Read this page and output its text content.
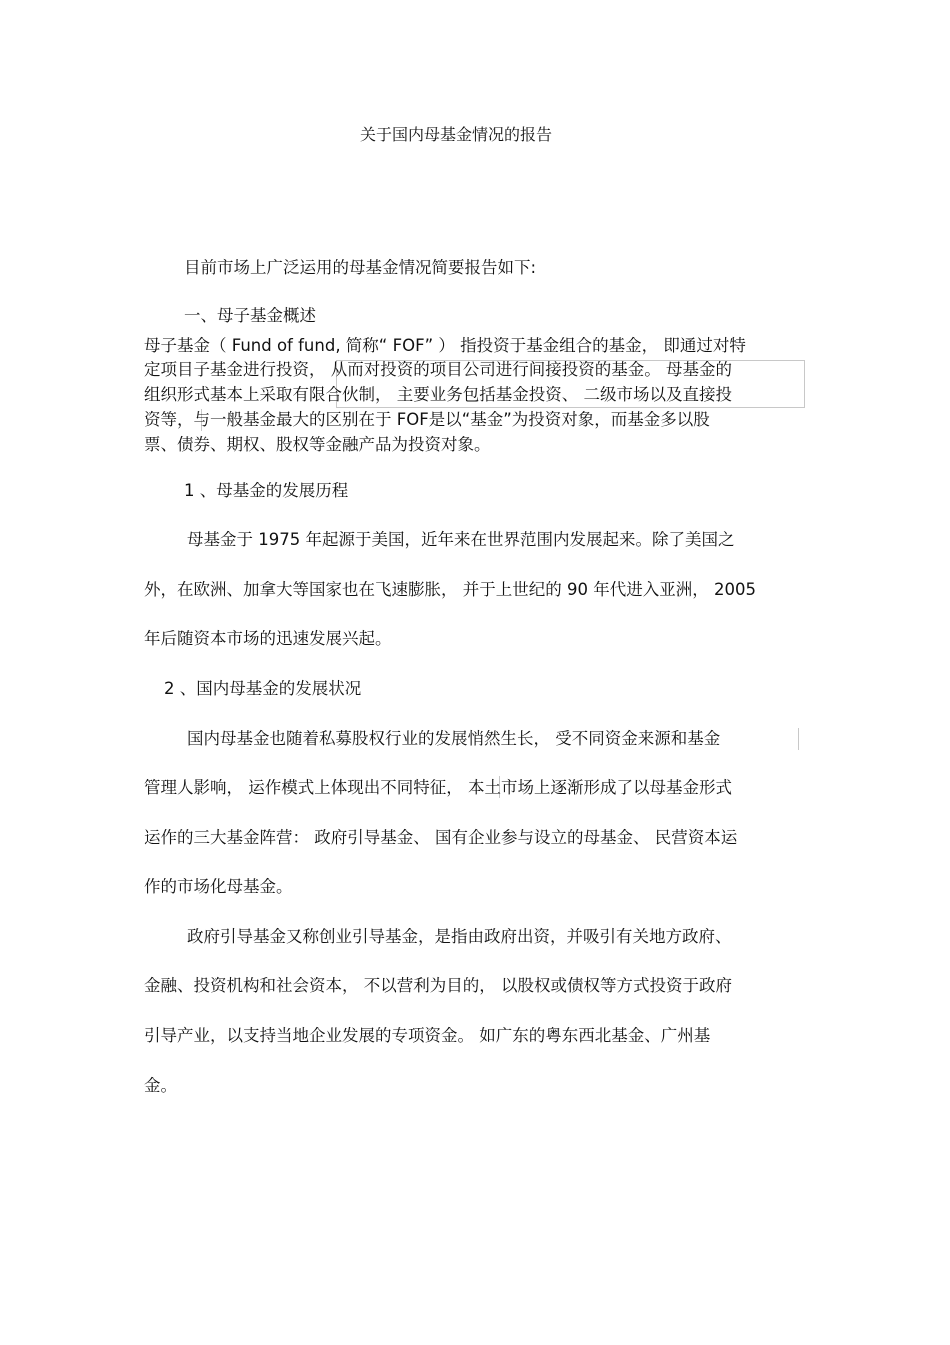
关于国内母基金情况的报告
目前市场上广泛运用的母基金情况简要报告如下:
一、母子基金概述
母子基金（ Fund of fund, 简称“ FOF” ） 指投资于基金组合的基金， 即通过对特
定项目子基金进行投资， 从而对投资的项目公司进行间接投资的基金。 母基金的
组织形式基本上采取有限合伙制， 主要业务包括基金投资、 二级市场以及直接投
资等，与一般基金最大的区别在于 FOF是以“基金”为投资对象，而基金多以股
票、债券、期权、股权等金融产品为投资对象。
1 、母基金的发展历程
母基金于 1975 年起源于美国，近年来在世界范围内发展起来。除了美国之
外，在欧洲、加拿大等国家也在飞速膨胀， 并于上世纪的 90 年代进入亚洲， 2005
年后随资本市场的迅速发展兴起。
2 、国内母基金的发展状况
国内母基金也随着私募股权行业的发展悄然生长， 受不同资金来源和基金
管理人影响， 运作模式上体现出不同特征， 本土市场上逐渐形成了以母基金形式
运作的三大基金阵营： 政府引导基金、 国有企业参与设立的母基金、 民营资本运
作的市场化母基金。
政府引导基金又称创业引导基金，是指由政府出资，并吸引有关地方政府、
金融、投资机构和社会资本， 不以营利为目的， 以股权或债权等方式投资于政府
引导产业，以支持当地企业发展的专项资金。 如广东的粤东西北基金、广州基
金。
